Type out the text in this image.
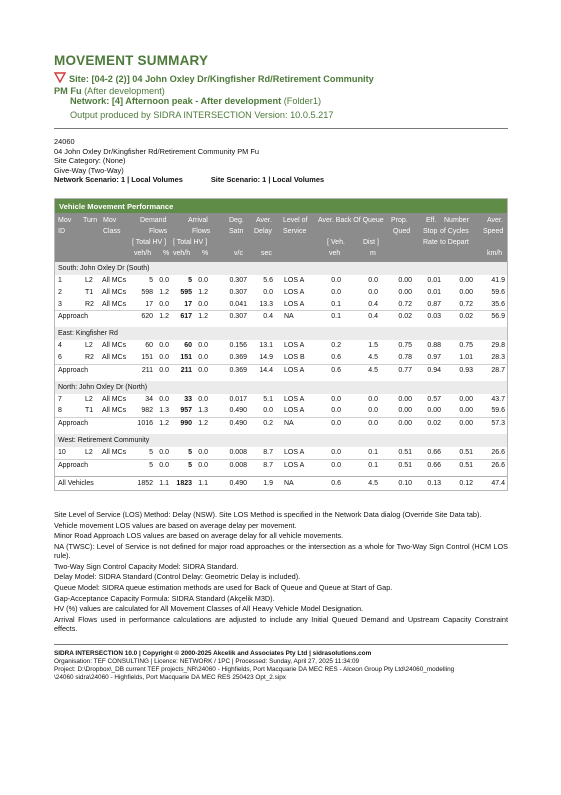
MOVEMENT SUMMARY
Site: [04-2 (2)] 04 John Oxley Dr/Kingfisher Rd/Retirement Community PM Fu (After development)
Network: [4] Afternoon peak - After development (Folder1)
Output produced by SIDRA INTERSECTION Version: 10.0.5.217
24060
04 John Oxley Dr/Kingfisher Rd/Retirement Community PM Fu
Site Category: (None)
Give-Way (Two-Way)
Network Scenario: 1 | Local Volumes	Site Scenario: 1 | Local Volumes
Vehicle Movement Performance
Mov
ID
Turn Mov
Class
Demand
Flows
Arrival
Flows
[ Total HV ] [ Total HV ]
veh/h % veh/h %
Deg.
Satn
v/c
Aver.
Delay
sec
Level of
Service
Aver. Back Of Queue
[ Veh.	Dist ]
veh	m
Prop.
Qued
Eff.
Stop
Rate
Number
of Cycles
to Depart
Aver.
Speed
km/h
South: John Oxley Dr (South)
1	L2	All MCs	5 0.0	5 0.0	0.307	5.6 LOS A	0.0	0.0	0.00	0.01	0.00	41.9
2	T1	All MCs	598 1.2	595 1.2	0.307	0.0 LOS A	0.0	0.0	0.00	0.01	0.00	59.6
3	R2	All MCs	17 0.0	17 0.0	0.041	13.3 LOS A	0.1	0.4	0.72	0.87	0.72	35.6
Approach	620 1.2	617 1.2	0.307	0.4 NA	0.1	0.4	0.02	0.03	0.02	56.9
East: Kingfisher Rd
4	L2	All MCs	60 0.0	60 0.0	0.156	13.1 LOS A	0.2	1.5	0.75	0.88	0.75	29.8
6	R2	All MCs	151 0.0	151 0.0	0.369	14.9 LOS B	0.6	4.5	0.78	0.97	1.01	28.3
Approach	211 0.0	211 0.0	0.369	14.4 LOS A	0.6	4.5	0.77	0.94	0.93	28.7
North: John Oxley Dr (North)
7	L2	All MCs	34 0.0	33 0.0	0.017	5.1 LOS A	0.0	0.0	0.00	0.57	0.00	43.7
8	T1	All MCs	982 1.3	957 1.3	0.490	0.0 LOS A	0.0	0.0	0.00	0.00	0.00	59.6
Approach	1016 1.2	990 1.2	0.490	0.2 NA	0.0	0.0	0.00	0.02	0.00	57.3
West: Retirement Community
10	L2	All MCs	5 0.0	5 0.0	0.008	8.7 LOS A	0.0	0.1	0.51	0.66	0.51	26.6
Approach	5 0.0	5 0.0	0.008	8.7 LOS A	0.0	0.1	0.51	0.66	0.51	26.6
All Vehicles	1852 1.1	1823 1.1	0.490	1.9 NA	0.6	4.5	0.10	0.13	0.12	47.4

Site Level of Service (LOS) Method: Delay (NSW). Site LOS Method is specified in the Network Data dialog (Override Site Data tab).

Vehicle movement LOS values are based on average delay per movement.

Minor Road Approach LOS values are based on average delay for all vehicle movements.

NA (TWSC): Level of Service is not defined for major road approaches or the intersection as a whole for Two-Way Sign Control (HCM LOS rule).

Two-Way Sign Control Capacity Model: SIDRA Standard.

Delay Model: SIDRA Standard (Control Delay: Geometric Delay is included).

Queue Model: SIDRA queue estimation methods are used for Back of Queue and Queue at Start of Gap.

Gap-Acceptance Capacity Formula: SIDRA Standard (Akçelik M3D).

HV (%) values are calculated for All Movement Classes of All Heavy Vehicle Model Designation.

Arrival Flows used in performance calculations are adjusted to include any Initial Queued Demand and Upstream Capacity Constraint effects.

SIDRA INTERSECTION 10.0 | Copyright © 2000-2025 Akcelik and Associates Pty Ltd | sidrasolutions.com
Organisation: TEF CONSULTING | Licence: NETWORK / 1PC | Processed: Sunday, April 27, 2025 11:34:09
Project: D:\Dropbox\_DB current TEF projects_NR\24060 - Highfields, Port Macquarie DA MEC RES - Alceon Group Pty Ltd\24060_modelling
\24060 sidra\24060 - Highfields, Port Macquarie DA MEC RES 250423 Opt_2.sipx
